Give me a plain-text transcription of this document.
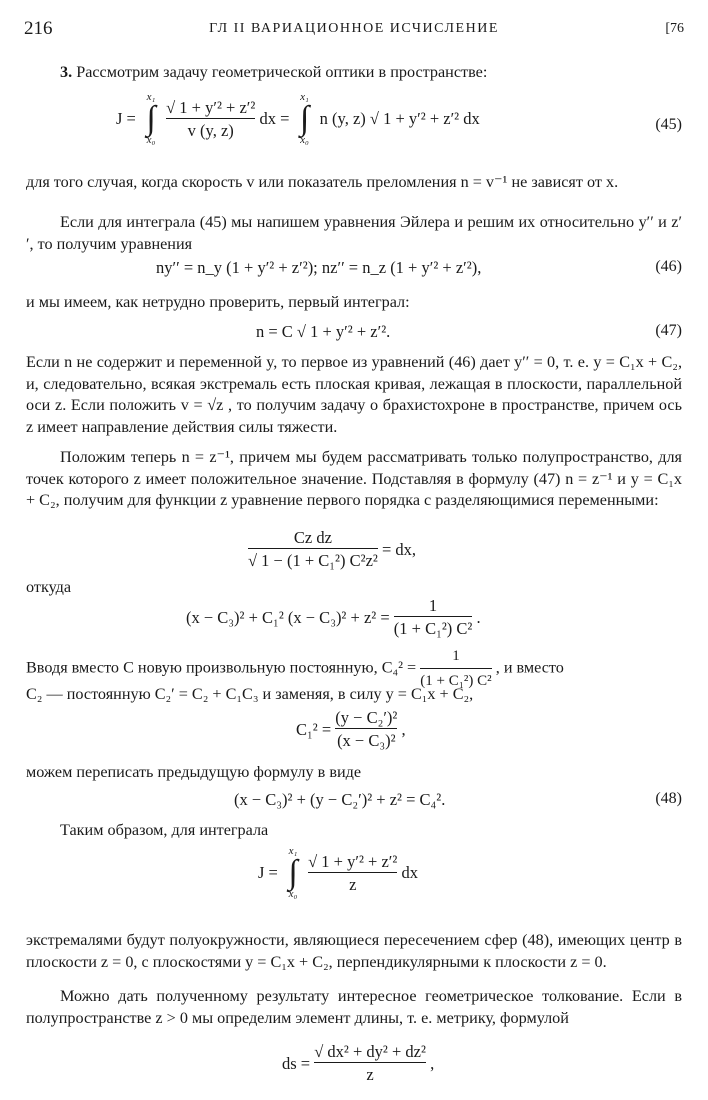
216	ГЛ II ВАРИАЦИОННОЕ ИСЧИСЛЕНИЕ	[76
3. Рассмотрим задачу геометрической оптики в пространстве:
J =
x₁
∫
x₀
$\frac{\text{√ 1 + y′² + z′²}}{v (y, z)}$ dx =
x₁
∫
x₀
n (y, z) √ 1 + y′² + z′² dx	(45)
для того случая, когда скорость v или показатель преломления n = v⁻¹ не зависят от x.
Если для интеграла (45) мы напишем уравнения Эйлера и решим их относительно y′′ и z′′, то получим уравнения
ny′′ = n_y (1 + y′² + z′²); nz′′ = n_z (1 + y′² + z′²),	(46)
и мы имеем, как нетрудно проверить, первый интеграл:
n = C √ 1 + y′² + z′².	(47)
Если n не содержит и переменной y, то первое из уравнений (46) дает y′′ = 0, т. е. y = C₁x + C₂, и, следовательно, всякая экстремаль есть плоская кривая, лежащая в плоскости, параллельной оси z. Если положить v = √z , то получим задачу о брахистохроне в пространстве, причем ось z имеет направление действия силы тяжести.
Положим теперь n = z⁻¹, причем мы будем рассматривать только полупространство, для точек которого z имеет положительное значение. Подставляя в формулу (47) n = z⁻¹ и y = C₁x + C₂, получим для функции z уравнение первого порядка с разделяющимися переменными:
$\frac{\text{Cz dz}}{\text{√ 1 − (1 + C₁²) C²z²}}$ = dx,
откуда
(x − C₃)² + C₁² $(x - C_3)^2 + z^2 = \frac{1}{\text{(1 + C₁²) C²}}$ .
Вводя вместо C новую произвольную постоянную, $C_4^2 = \frac{1}{\text{(1 + C₁²) C²}}$ , и вместо
C₂ — постоянную C₂′ = C₂ + C₁C₃ и заменяя, в силу y = C₁x + C₂,
$C_1^2 = \frac{\text{(y − C₂′)²}}{\text{(x − C₃)²}}$ ,
можем переписать предыдущую формулу в виде
(x − C₃)² + (y − C₂′)² + z² = C₄².	(48)
Таким образом, для интеграла
J =
x₁
∫
x₀
$\frac{\text{√ 1 + y′² + z′²}}{z}$ dx
экстремалями будут полуокружности, являющиеся пересечением сфер (48), имеющих центр в плоскости z = 0, с плоскостями y = C₁x + C₂, перпендикулярными к плоскости z = 0.
Можно дать полученному результату интересное геометрическое толкование. Если в полупространстве z > 0 мы определим элемент длины, т. е. метрику, формулой
ds = $\frac{\text{√ dx² + dy² + dz²}}{z}$ ,
